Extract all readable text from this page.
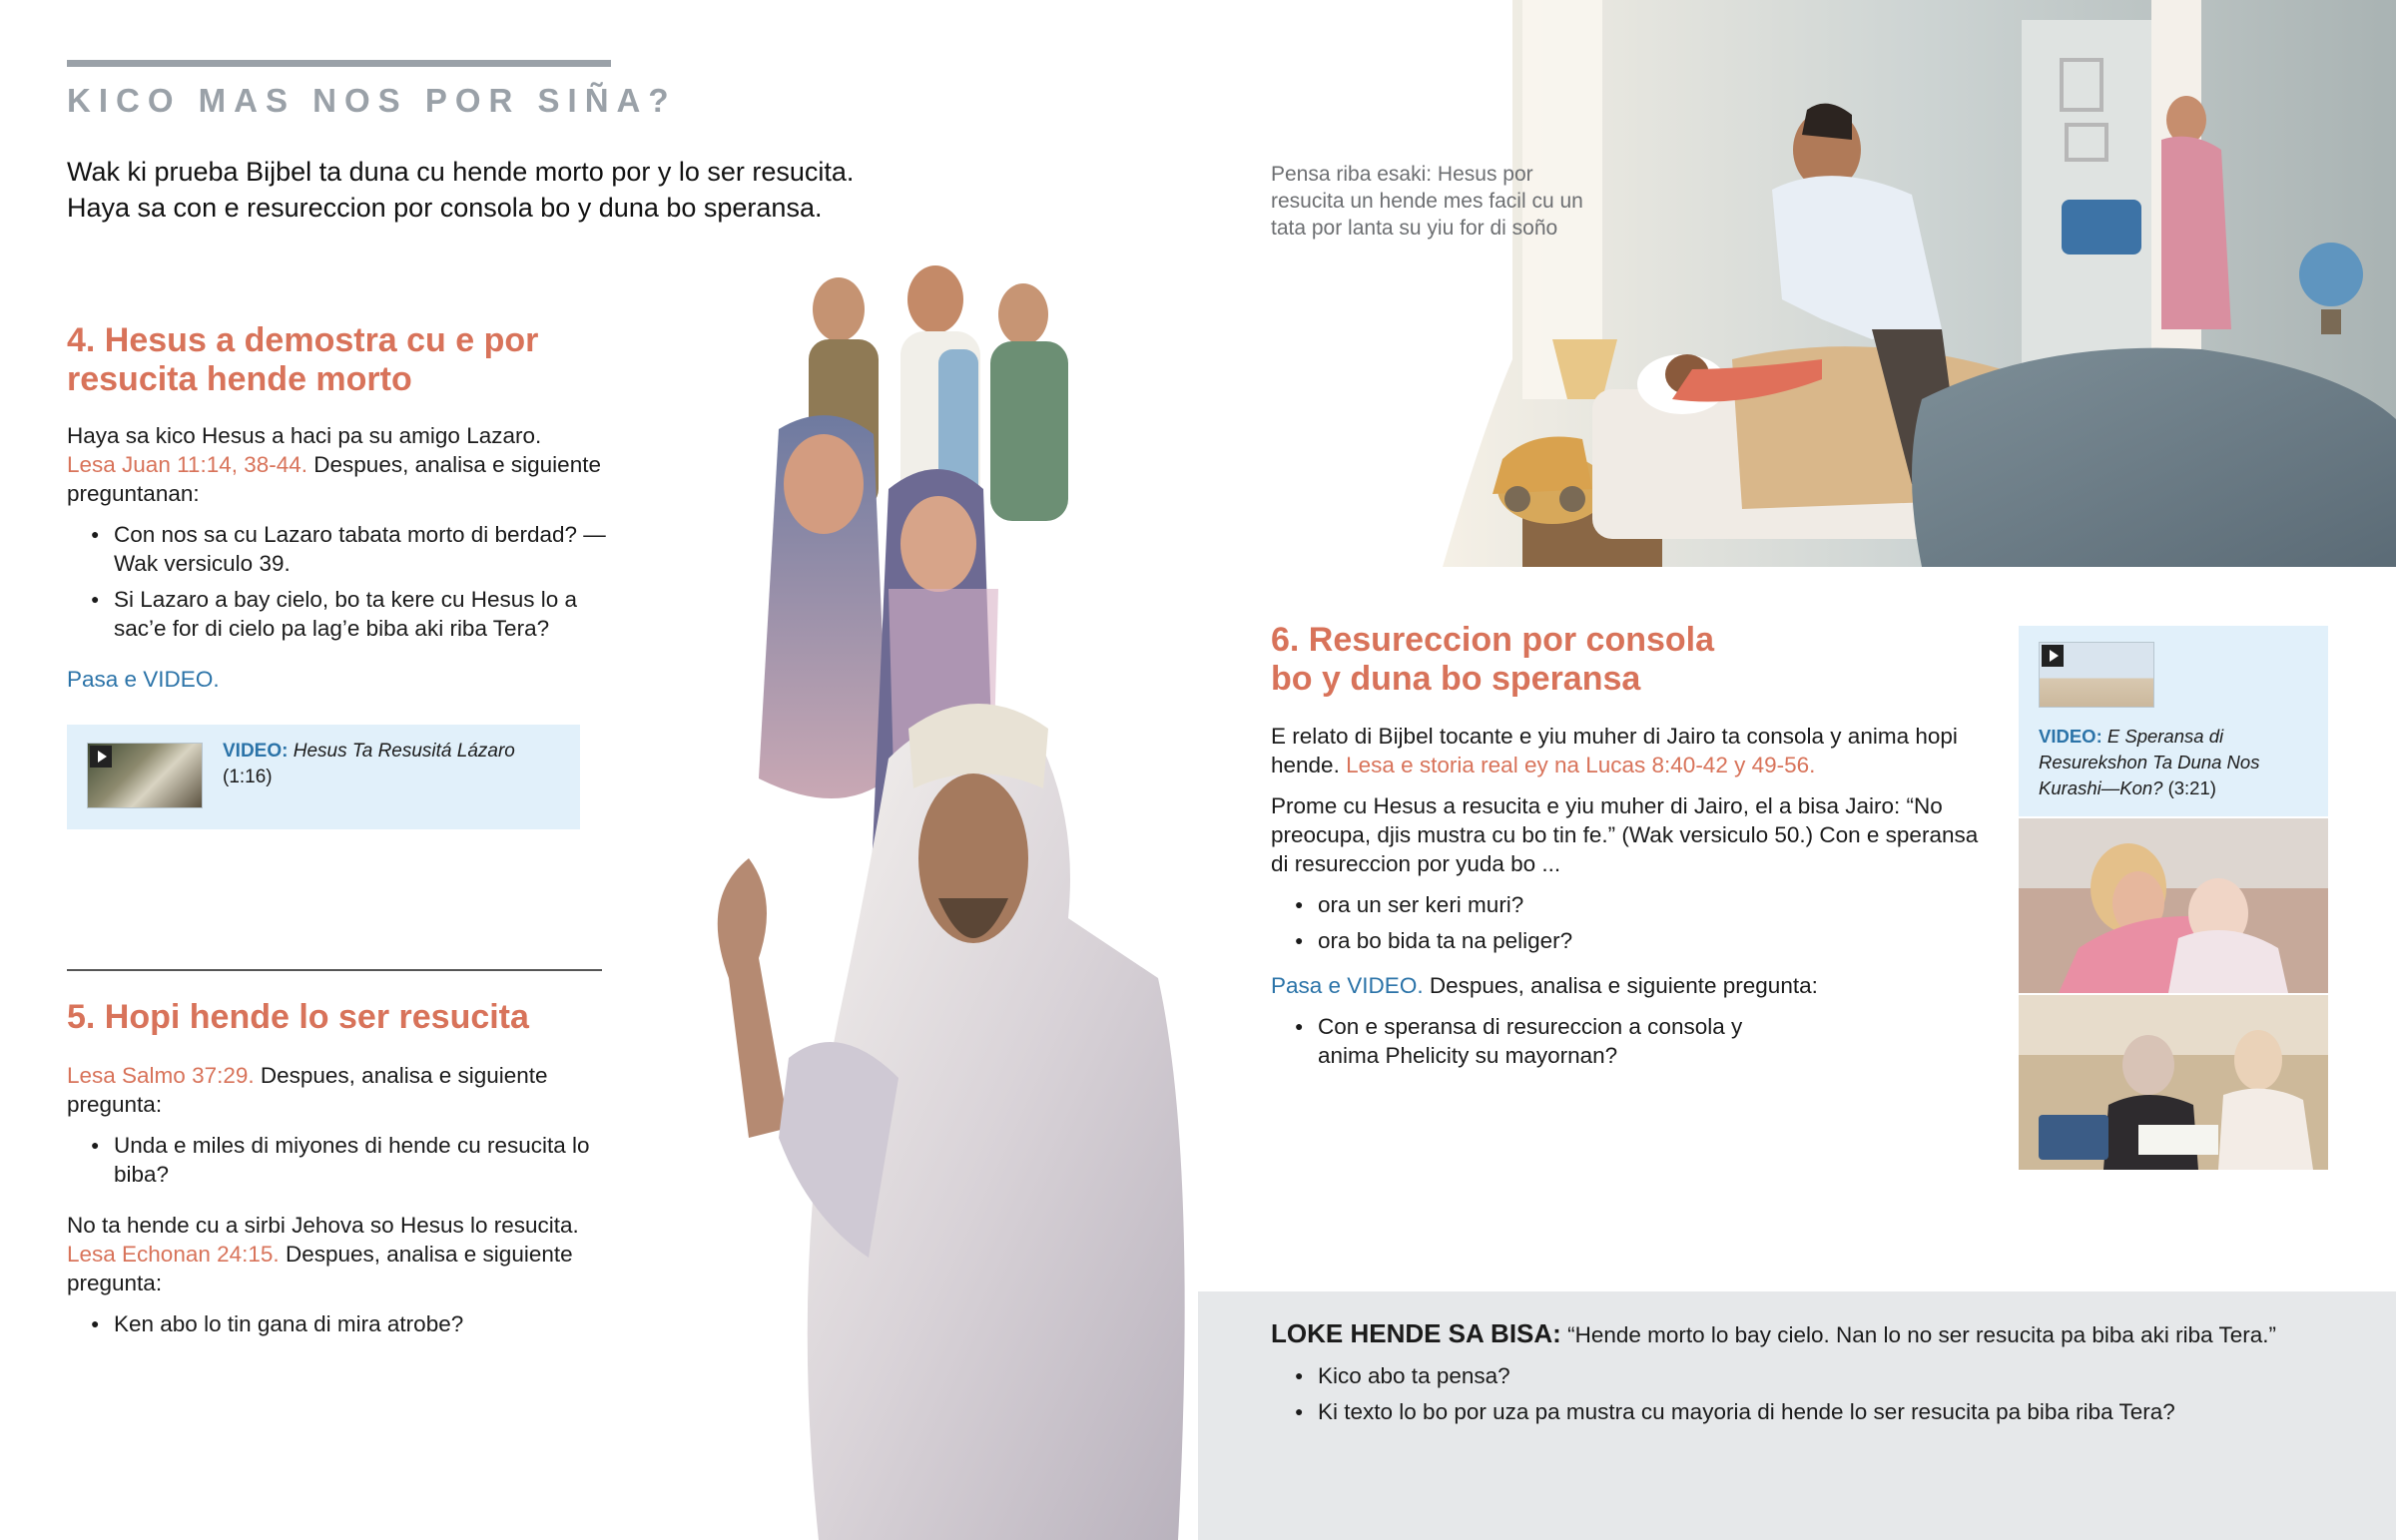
KICO MAS NOS POR SIÑA?
Wak ki prueba Bijbel ta duna cu hende morto por y lo ser resucita.
Haya sa con e resureccion por consola bo y duna bo speransa.
4. Hesus a demostra cu e por
resucita hende morto
Haya sa kico Hesus a haci pa su amigo Lazaro.
Lesa Juan 11:14, 38-44. Despues, analisa e siguiente preguntanan:
● Con nos sa cu Lazaro tabata morto di berdad? —Wak versiculo 39.
● Si Lazaro a bay cielo, bo ta kere cu Hesus lo a sac’e for di cielo pa lag’e biba aki riba Tera?
Pasa e VIDEO.
VIDEO: Hesus Ta Resusitá Lázaro
(1:16)
5. Hopi hende lo ser resucita
Lesa Salmo 37:29. Despues, analisa e siguiente pregunta:
● Unda e miles di miyones di hende cu resucita lo biba?
No ta hende cu a sirbi Jehova so Hesus lo resucita.
Lesa Echonan 24:15. Despues, analisa e siguiente pregunta:
● Ken abo lo tin gana di mira atrobe?
Pensa riba esaki: Hesus por resucita un hende mes facil cu un tata por lanta su yiu for di soño
6. Resureccion por consola
bo y duna bo speransa
E relato di Bijbel tocante e yiu muher di Jairo ta consola y anima hopi hende. Lesa e storia real ey na Lucas 8:40-42 y 49-56.
Prome cu Hesus a resucita e yiu muher di Jairo, el a bisa Jairo: “No preocupa, djis mustra cu bo tin fe.” (Wak versiculo 50.) Con e speransa di resureccion por yuda bo ...
● ora un ser keri muri?
● ora bo bida ta na peliger?
Pasa e VIDEO. Despues, analisa e siguiente pregunta:
● Con e speransa di resureccion a consola y anima Phelicity su mayornan?
VIDEO: E Speransa di Resurekshon Ta Duna Nos Kurashi—Kon? (3:21)
LOKE HENDE SA BISA: “Hende morto lo bay cielo. Nan lo no ser resucita pa biba aki riba Tera.”
● Kico abo ta pensa?
● Ki texto lo bo por uza pa mustra cu mayoria di hende lo ser resucita pa biba riba Tera?
